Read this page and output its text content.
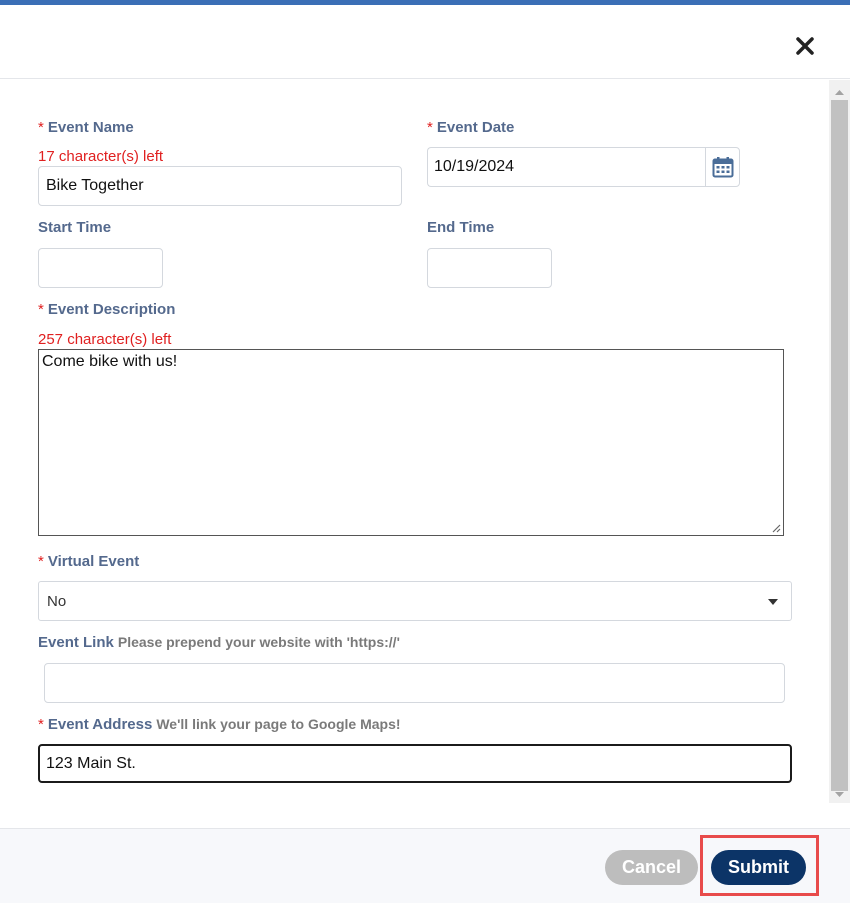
* Event Name
17 character(s) left
Bike Together
* Event Date
10/19/2024
Start Time	End Time
* Event Description
257 character(s) left
Come bike with us!
* Virtual Event
No
Event Link Please prepend your website with 'https://'
* Event Address We'll link your page to Google Maps!
123 Main St.
Cancel	Submit
